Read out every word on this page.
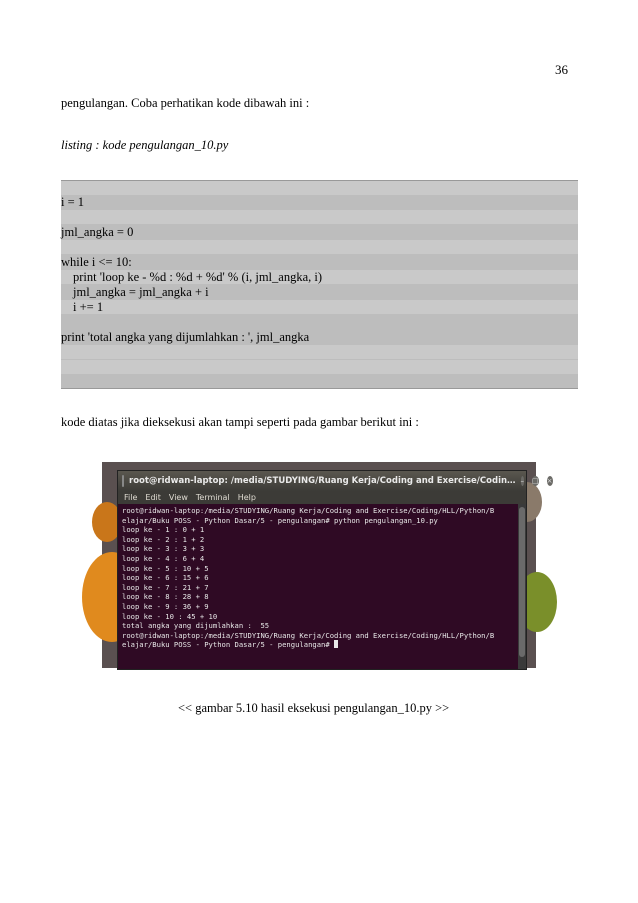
36
pengulangan. Coba perhatikan kode dibawah ini :
listing : kode pengulangan_10.py
i = 1
jml_angka = 0
while i <= 10:
print 'loop ke - %d : %d + %d' % (i, jml_angka, i)
jml_angka = jml_angka + i
i += 1
print 'total angka yang dijumlahkan : ', jml_angka
kode diatas jika dieksekusi akan tampi seperti pada gambar berikut ini :
root@ridwan-laptop: /media/STUDYING/Ruang Kerja/Coding and Exercise/Codin… – □ ×
File Edit View Terminal Help
root@ridwan-laptop:/media/STUDYING/Ruang Kerja/Coding and Exercise/Coding/HLL/Python/B
elajar/Buku POSS - Python Dasar/5 - pengulangan# python pengulangan_10.py
loop ke - 1 : 0 + 1
loop ke - 2 : 1 + 2
loop ke - 3 : 3 + 3
loop ke - 4 : 6 + 4
loop ke - 5 : 10 + 5
loop ke - 6 : 15 + 6
loop ke - 7 : 21 + 7
loop ke - 8 : 28 + 8
loop ke - 9 : 36 + 9
loop ke - 10 : 45 + 10
total angka yang dijumlahkan :  55
root@ridwan-laptop:/media/STUDYING/Ruang Kerja/Coding and Exercise/Coding/HLL/Python/B
elajar/Buku POSS - Python Dasar/5 - pengulangan#
<< gambar 5.10 hasil eksekusi pengulangan_10.py >>
